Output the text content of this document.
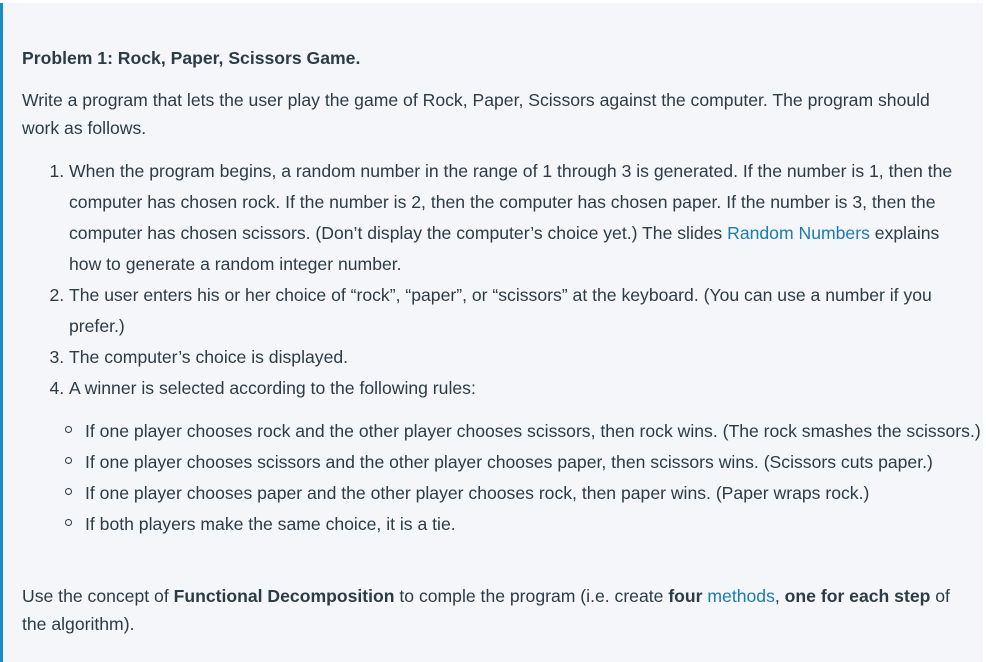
Problem 1: Rock, Paper, Scissors Game.
Write a program that lets the user play the game of Rock, Paper, Scissors against the computer. The program should work as follows.
1. When the program begins, a random number in the range of 1 through 3 is generated. If the number is 1, then the computer has chosen rock. If the number is 2, then the computer has chosen paper. If the number is 3, then the computer has chosen scissors. (Don’t display the computer’s choice yet.) The slides Random Numbers explains how to generate a random integer number.
2. The user enters his or her choice of “rock”, “paper”, or “scissors” at the keyboard. (You can use a number if you prefer.)
3. The computer’s choice is displayed.
4. A winner is selected according to the following rules:
If one player chooses rock and the other player chooses scissors, then rock wins. (The rock smashes the scissors.)
If one player chooses scissors and the other player chooses paper, then scissors wins. (Scissors cuts paper.)
If one player chooses paper and the other player chooses rock, then paper wins. (Paper wraps rock.)
If both players make the same choice, it is a tie.
Use the concept of Functional Decomposition to comple the program (i.e. create four methods, one for each step of the algorithm).
